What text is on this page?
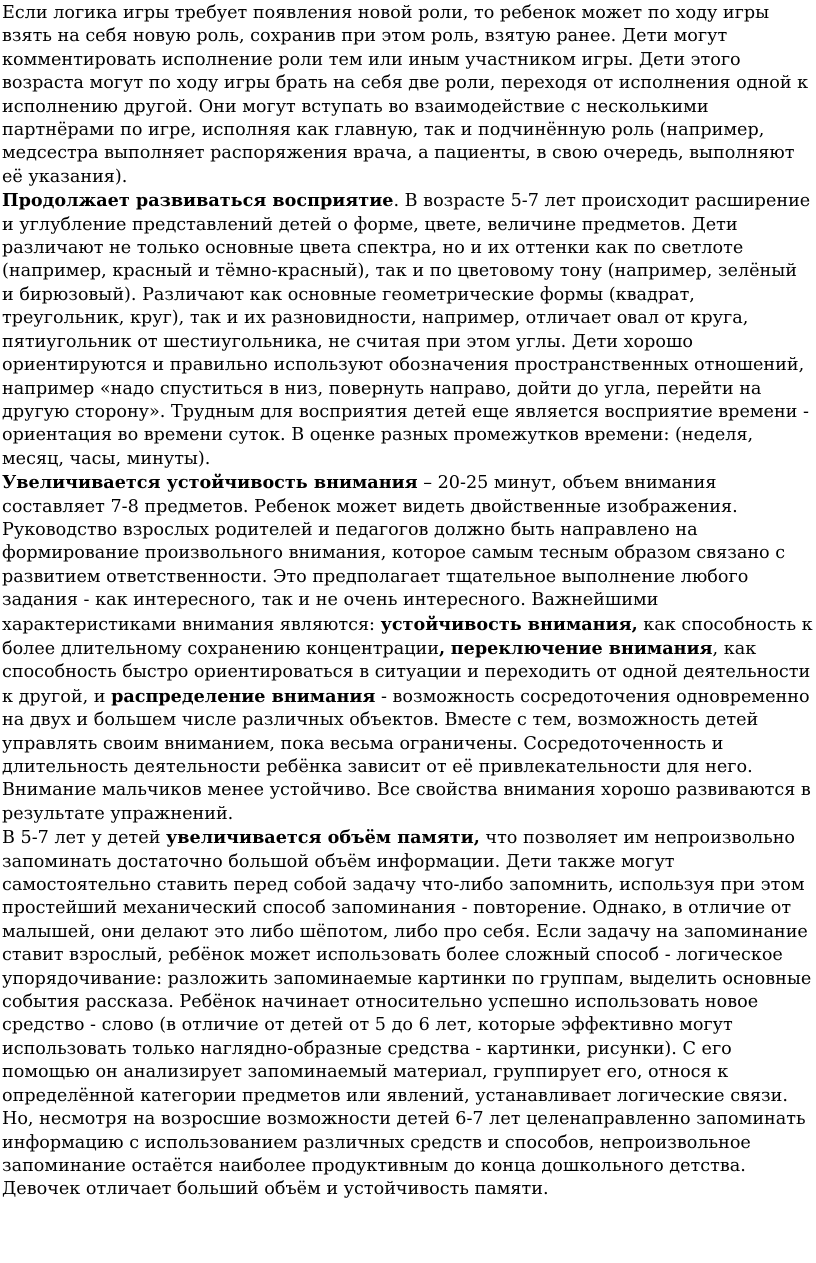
Если логика игры требует появления новой роли, то ребенок может по ходу игры взять на себя новую роль, сохранив при этом роль, взятую ранее. Дети могут комментировать исполнение роли тем или иным участником игры. Дети этого возраста могут по ходу игры брать на себя две роли, переходя от исполнения одной к исполнению другой. Они могут вступать во взаимодействие с несколькими партнёрами по игре, исполняя как главную, так и подчинённую роль (например, медсестра выполняет распоряжения врача, а пациенты, в свою очередь, выполняют её указания).

Продолжает развиваться восприятие. В возрасте 5-7 лет происходит расширение и углубление представлений детей о форме, цвете, величине предметов. Дети различают не только основные цвета спектра, но и их оттенки как по светлоте (например, красный и тёмно-красный), так и по цветовому тону (например, зелёный и бирюзовый). Различают как основные геометрические формы (квадрат, треугольник, круг), так и их разновидности, например, отличает овал от круга, пятиугольник от шестиугольника, не считая при этом углы. Дети хорошо ориентируются и правильно используют обозначения пространственных отношений, например «надо спуститься в низ, повернуть направо, дойти до угла, перейти на другую сторону». Трудным для восприятия детей еще является восприятие времени - ориентация во времени суток. В оценке разных промежутков времени: (неделя, месяц, часы, минуты).

Увеличивается устойчивость внимания – 20-25 минут, объем внимания составляет 7-8 предметов. Ребенок может видеть двойственные изображения. Руководство взрослых родителей и педагогов должно быть направлено на формирование произвольного внимания, которое самым тесным образом связано с развитием ответственности. Это предполагает тщательное выполнение любого задания - как интересного, так и не очень интересного. Важнейшими характеристиками внимания являются: устойчивость внимания, как способность к более длительному сохранению концентрации, переключение внимания, как способность быстро ориентироваться в ситуации и переходить от одной деятельности к другой, и распределение внимания - возможность сосредоточения одновременно на двух и большем числе различных объектов. Вместе с тем, возможность детей управлять своим вниманием, пока весьма ограничены. Сосредоточенность и длительность деятельности ребёнка зависит от её привлекательности для него. Внимание мальчиков менее устойчиво. Все свойства внимания хорошо развиваются в результате упражнений.

В 5-7 лет у детей увеличивается объём памяти, что позволяет им непроизвольно запоминать достаточно большой объём информации. Дети также могут самостоятельно ставить перед собой задачу что-либо запомнить, используя при этом простейший механический способ запоминания - повторение. Однако, в отличие от малышей, они делают это либо шёпотом, либо про себя. Если задачу на запоминание ставит взрослый, ребёнок может использовать более сложный способ - логическое упорядочивание: разложить запоминаемые картинки по группам, выделить основные события рассказа. Ребёнок начинает относительно успешно использовать новое средство - слово (в отличие от детей от 5 до 6 лет, которые эффективно могут использовать только наглядно-образные средства - картинки, рисунки). С его помощью он анализирует запоминаемый материал, группирует его, относя к определённой категории предметов или явлений, устанавливает логические связи. Но, несмотря на возросшие возможности детей 6-7 лет целенаправленно запоминать информацию с использованием различных средств и способов, непроизвольное запоминание остаётся наиболее продуктивным до конца дошкольного детства. Девочек отличает больший объём и устойчивость памяти.
